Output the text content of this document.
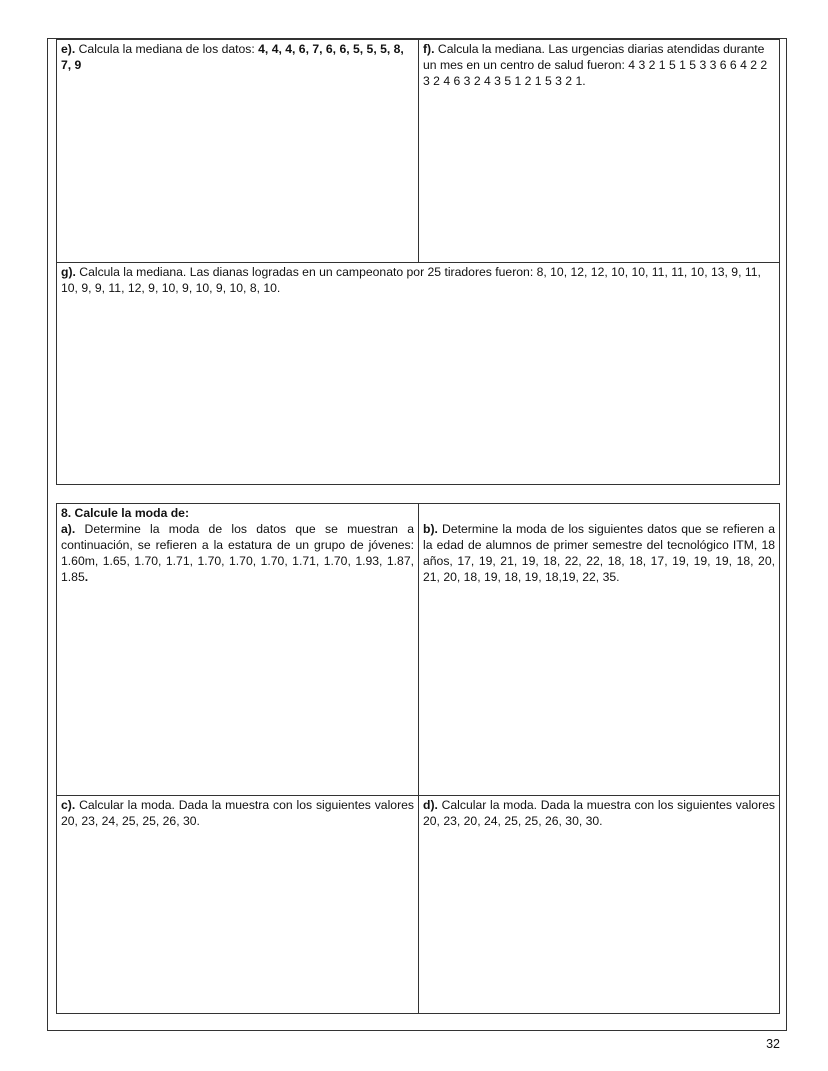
e). Calcula la mediana de los datos: 4, 4, 4, 6, 7, 6, 6, 5, 5, 5, 8, 7, 9

f). Calcula la mediana. Las urgencias diarias atendidas durante un mes en un centro de salud fueron: 4 3 2 1 5 1 5 3 3 6 6 4 2 2 3 2 4 6 3 2 4 3 5 1 2 1 5 3 2 1.

g). Calcula la mediana. Las dianas logradas en un campeonato por 25 tiradores fueron: 8, 10, 12, 12, 10, 10, 11, 11, 10, 13, 9, 11, 10, 9, 9, 11, 12, 9, 10, 9, 10, 9, 10, 8, 10.

8. Calcule la moda de:

a). Determine la moda de los datos que se muestran a continuación, se refieren a la estatura de un grupo de jóvenes: 1.60m, 1.65, 1.70, 1.71, 1.70, 1.70, 1.70, 1.71, 1.70, 1.93, 1.87, 1.85.

b). Determine la moda de los siguientes datos que se refieren a la edad de alumnos de primer semestre del tecnológico ITM, 18 años, 17, 19, 21, 19, 18, 22, 22, 18, 18, 17, 19, 19, 19, 18, 20, 21, 20, 18, 19, 18, 19, 18,19, 22, 35.

c). Calcular la moda. Dada la muestra con los siguientes valores 20, 23, 24, 25, 25, 26, 30.

d). Calcular la moda. Dada la muestra con los siguientes valores 20, 23, 20, 24, 25, 25, 26, 30, 30.

32
